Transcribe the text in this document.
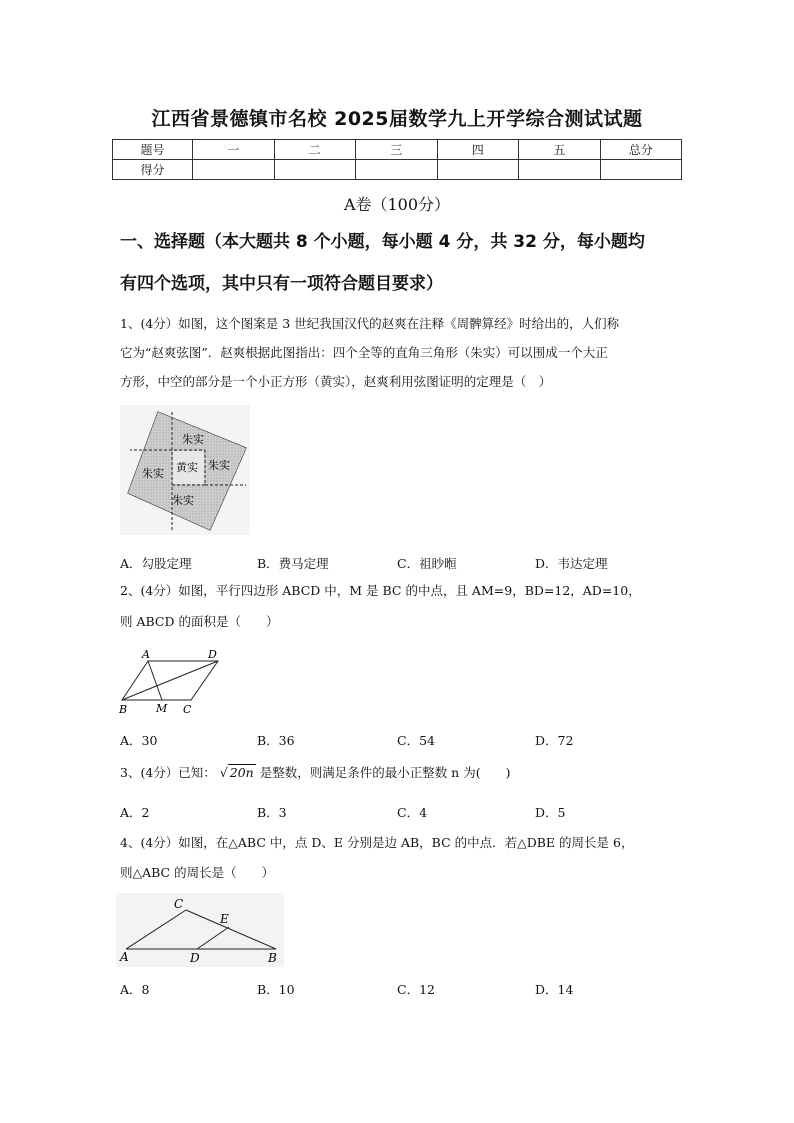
江西省景德镇市名校 2025届数学九上开学综合测试试题
题号	一	二	三	四	五	总分
得分						
A卷（100分）
一、选择题（本大题共 8 个小题，每小题 4 分，共 32 分，每小题均
有四个选项，其中只有一项符合题目要求）
1、(4分）如图，这个图案是 3 世纪我国汉代的赵爽在注释《周髀算经》时给出的，人们称
它为“赵爽弦图”．赵爽根据此图指出：四个全等的直角三角形（朱实）可以围成一个大正
方形，中空的部分是一个小正方形（黄实），赵爽利用弦图证明的定理是（　）
朱实
朱实 黄实 朱实
朱实
A．勾股定理	B．费马定理	C．祖眇暅	D．韦达定理
2、(4分）如图，平行四边形 ABCD 中，M 是 BC 的中点，且 AM=9，BD=12，AD=10，
则 ABCD 的面积是（　　）
A	D
B	M C
A．30	B．36	C．54	D．72
3、(4分）已知： √ 20n 是整数，则满足条件的最小正整数 n 为(　　)
A．2	B．3	C．4	D．5
4、(4分）如图，在△ABC 中，点 D、E 分别是边 AB，BC 的中点．若△DBE 的周长是 6，
则△ABC 的周长是（　　）
C
E
A	D	B
A．8	B．10	C．12	D．14
